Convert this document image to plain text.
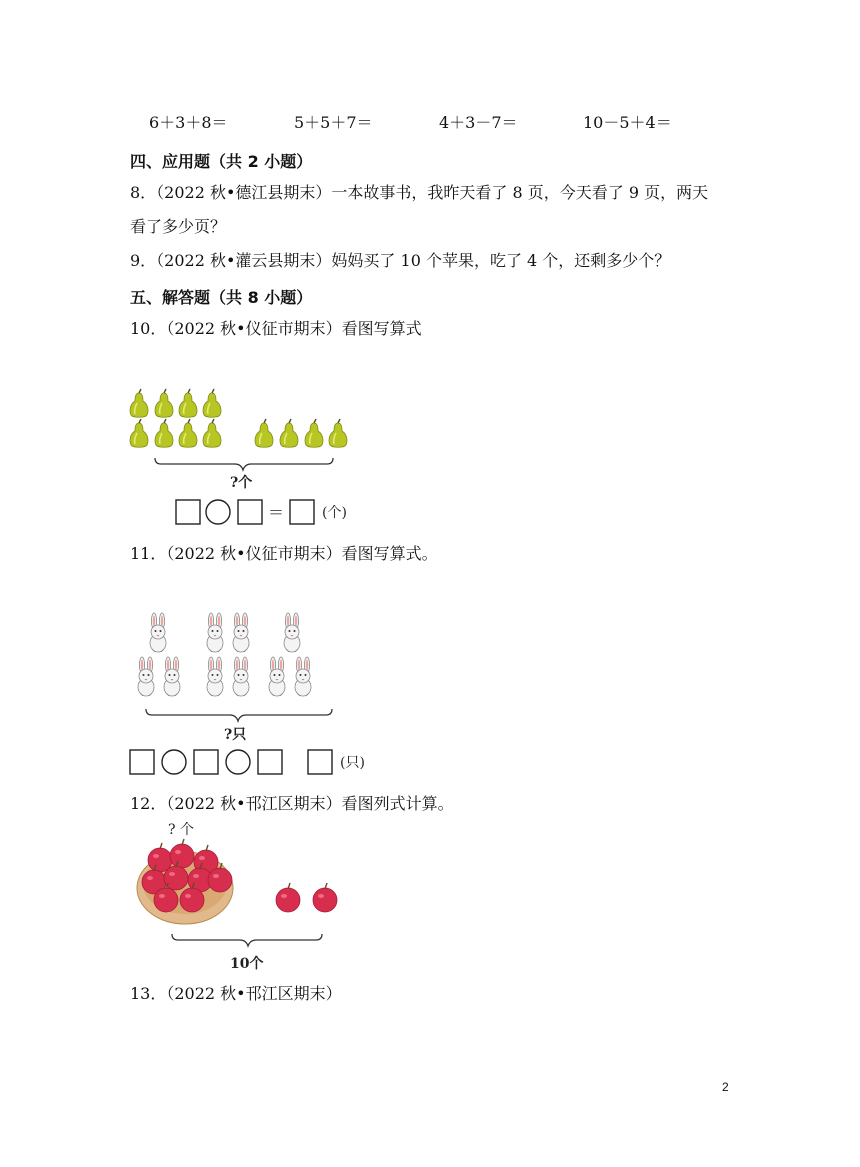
6＋3＋8＝	5＋5＋7＝	4＋3－7＝	10－5＋4＝
四、应用题（共 2 小题）
8．（2022 秋•德江县期末）一本故事书，我昨天看了 8 页，今天看了 9 页，两天
看了多少页？
9．（2022 秋•灌云县期末）妈妈买了 10 个苹果，吃了 4 个，还剩多少个？
五、解答题（共 8 小题）
10．（2022 秋•仪征市期末）看图写算式
?个
＝	(个)
11．（2022 秋•仪征市期末）看图写算式。
?只
(只)
12．（2022 秋•邗江区期末）看图列式计算。
? 个
10个
13．（2022 秋•邗江区期末）
2
